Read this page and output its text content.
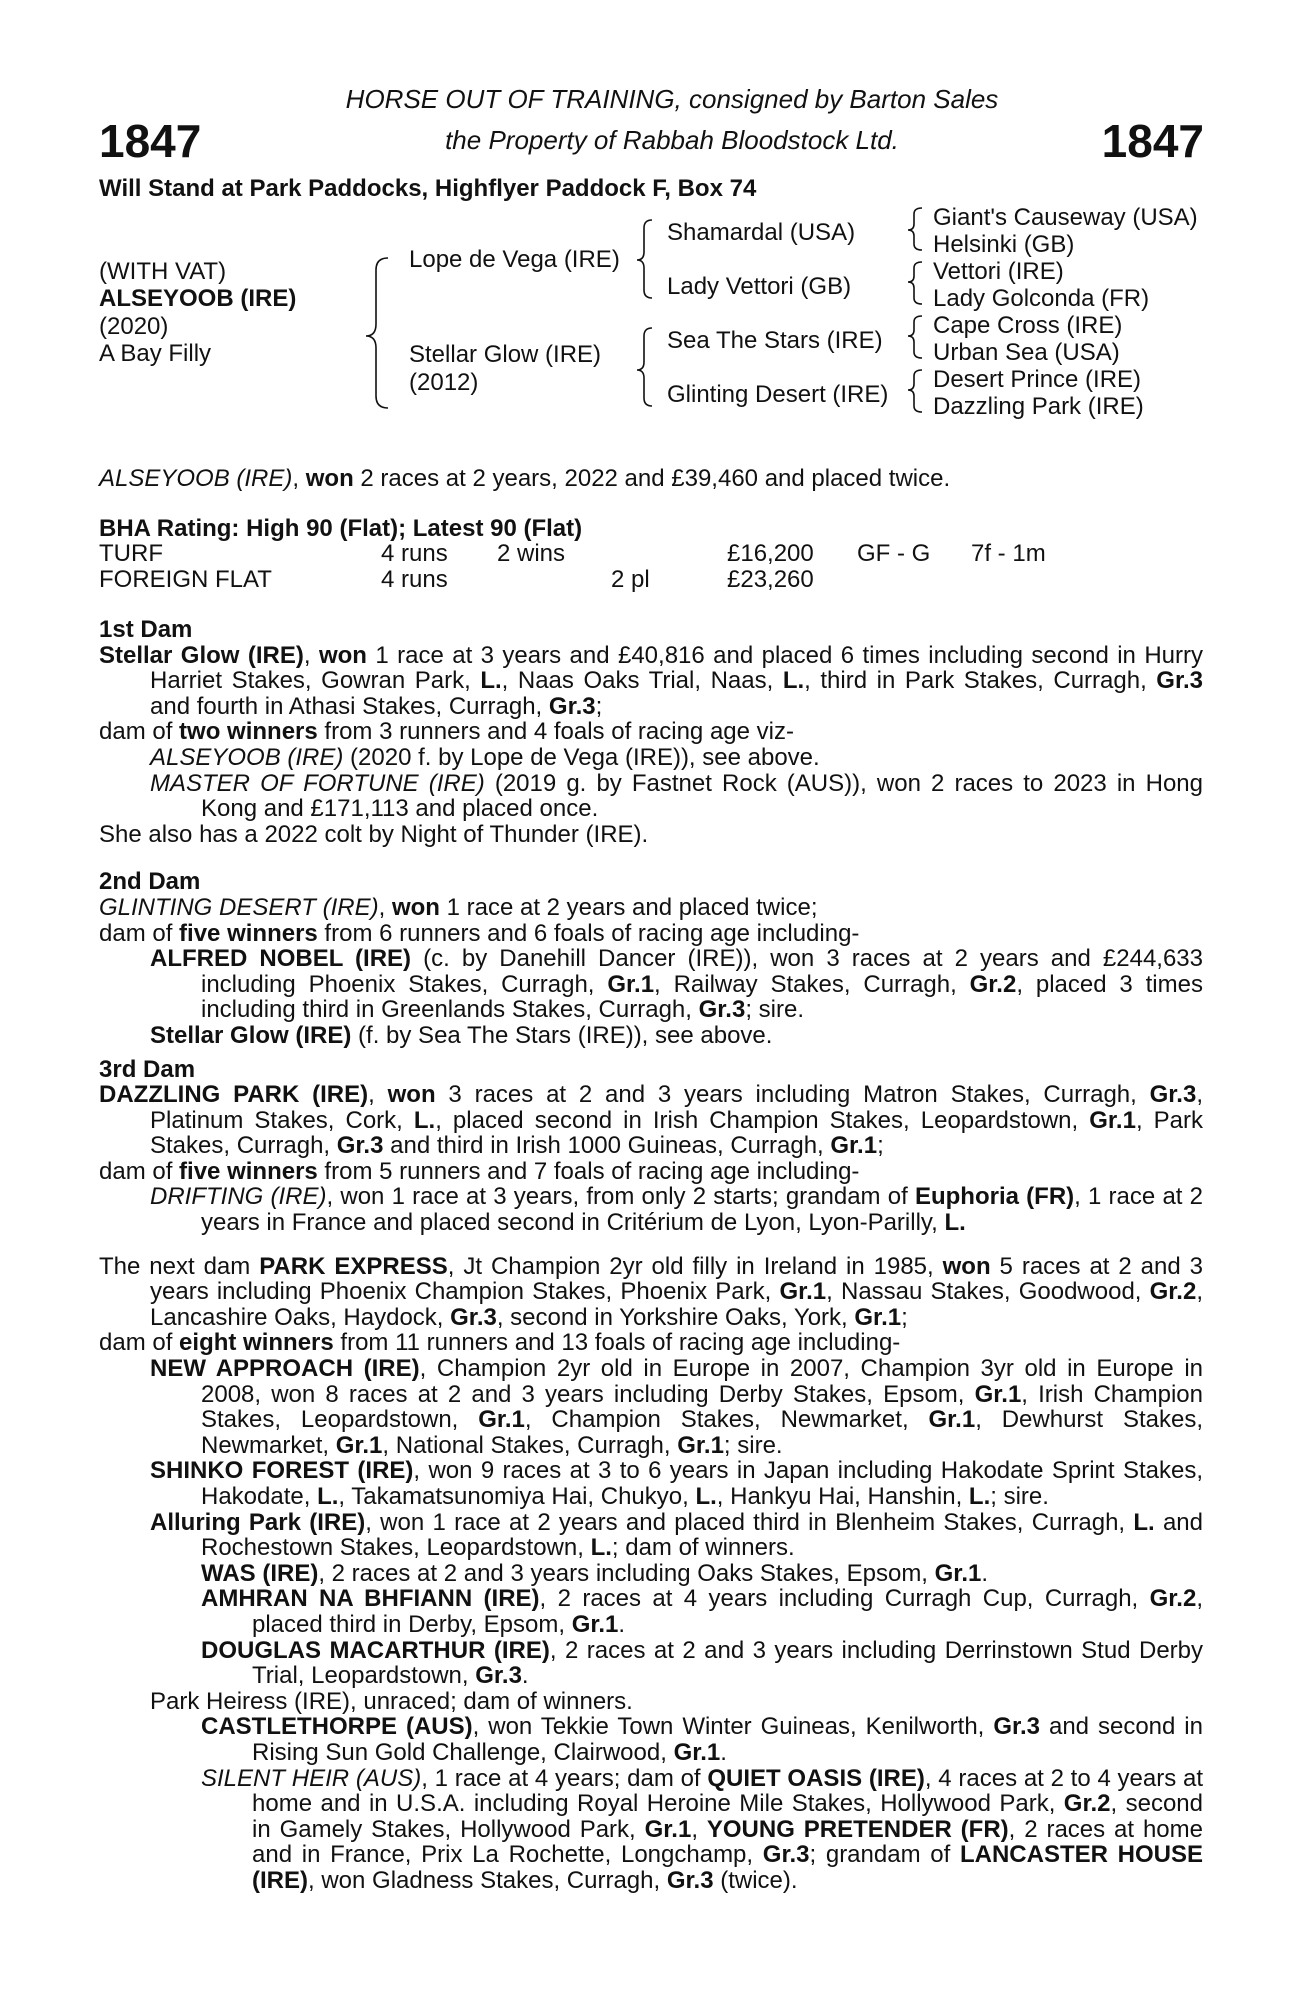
1847	1847
HORSE OUT OF TRAINING, consigned by Barton Sales
the Property of Rabbah Bloodstock Ltd.
Will Stand at Park Paddocks, Highflyer Paddock F, Box 74
(WITH VAT)
ALSEYOOB (IRE)
(2020)
A Bay Filly
Lope de Vega (IRE)
Stellar Glow (IRE)
(2012)
Shamardal (USA)
Lady Vettori (GB)
Sea The Stars (IRE)
Glinting Desert (IRE)
Giant's Causeway (USA)
Helsinki (GB)
Vettori (IRE)
Lady Golconda (FR)
Cape Cross (IRE)
Urban Sea (USA)
Desert Prince (IRE)
Dazzling Park (IRE)
ALSEYOOB (IRE), won 2 races at 2 years, 2022 and £39,460 and placed twice.
BHA Rating: High 90 (Flat); Latest 90 (Flat)
TURF	4 runs 2 wins	£16,200 GF - G 7f - 1m
FOREIGN FLAT	4 runs	2 pl	£23,260
1st Dam
Stellar Glow (IRE), won 1 race at 3 years and £40,816 and placed 6 times including second in Hurry Harriet Stakes, Gowran Park, L., Naas Oaks Trial, Naas, L., third in Park Stakes, Curragh, Gr.3 and fourth in Athasi Stakes, Curragh, Gr.3;
dam of two winners from 3 runners and 4 foals of racing age viz-
ALSEYOOB (IRE) (2020 f. by Lope de Vega (IRE)), see above.
MASTER OF FORTUNE (IRE) (2019 g. by Fastnet Rock (AUS)), won 2 races to 2023 in Hong Kong and £171,113 and placed once.
She also has a 2022 colt by Night of Thunder (IRE).
2nd Dam
GLINTING DESERT (IRE), won 1 race at 2 years and placed twice;
dam of five winners from 6 runners and 6 foals of racing age including-
ALFRED NOBEL (IRE) (c. by Danehill Dancer (IRE)), won 3 races at 2 years and £244,633 including Phoenix Stakes, Curragh, Gr.1, Railway Stakes, Curragh, Gr.2, placed 3 times including third in Greenlands Stakes, Curragh, Gr.3; sire.
Stellar Glow (IRE) (f. by Sea The Stars (IRE)), see above.
3rd Dam
DAZZLING PARK (IRE), won 3 races at 2 and 3 years including Matron Stakes, Curragh, Gr.3, Platinum Stakes, Cork, L., placed second in Irish Champion Stakes, Leopardstown, Gr.1, Park Stakes, Curragh, Gr.3 and third in Irish 1000 Guineas, Curragh, Gr.1;
dam of five winners from 5 runners and 7 foals of racing age including-
DRIFTING (IRE), won 1 race at 3 years, from only 2 starts; grandam of Euphoria (FR), 1 race at 2 years in France and placed second in Critérium de Lyon, Lyon-Parilly, L.
The next dam PARK EXPRESS, Jt Champion 2yr old filly in Ireland in 1985, won 5 races at 2 and 3 years including Phoenix Champion Stakes, Phoenix Park, Gr.1, Nassau Stakes, Goodwood, Gr.2, Lancashire Oaks, Haydock, Gr.3, second in Yorkshire Oaks, York, Gr.1;
dam of eight winners from 11 runners and 13 foals of racing age including-
NEW APPROACH (IRE), Champion 2yr old in Europe in 2007, Champion 3yr old in Europe in 2008, won 8 races at 2 and 3 years including Derby Stakes, Epsom, Gr.1, Irish Champion Stakes, Leopardstown, Gr.1, Champion Stakes, Newmarket, Gr.1, Dewhurst Stakes, Newmarket, Gr.1, National Stakes, Curragh, Gr.1; sire.
SHINKO FOREST (IRE), won 9 races at 3 to 6 years in Japan including Hakodate Sprint Stakes, Hakodate, L., Takamatsunomiya Hai, Chukyo, L., Hankyu Hai, Hanshin, L.; sire.
Alluring Park (IRE), won 1 race at 2 years and placed third in Blenheim Stakes, Curragh, L. and Rochestown Stakes, Leopardstown, L.; dam of winners.
WAS (IRE), 2 races at 2 and 3 years including Oaks Stakes, Epsom, Gr.1.
AMHRAN NA BHFIANN (IRE), 2 races at 4 years including Curragh Cup, Curragh, Gr.2, placed third in Derby, Epsom, Gr.1.
DOUGLAS MACARTHUR (IRE), 2 races at 2 and 3 years including Derrinstown Stud Derby Trial, Leopardstown, Gr.3.
Park Heiress (IRE), unraced; dam of winners.
CASTLETHORPE (AUS), won Tekkie Town Winter Guineas, Kenilworth, Gr.3 and second in Rising Sun Gold Challenge, Clairwood, Gr.1.
SILENT HEIR (AUS), 1 race at 4 years; dam of QUIET OASIS (IRE), 4 races at 2 to 4 years at home and in U.S.A. including Royal Heroine Mile Stakes, Hollywood Park, Gr.2, second in Gamely Stakes, Hollywood Park, Gr.1, YOUNG PRETENDER (FR), 2 races at home and in France, Prix La Rochette, Longchamp, Gr.3; grandam of LANCASTER HOUSE (IRE), won Gladness Stakes, Curragh, Gr.3 (twice).
